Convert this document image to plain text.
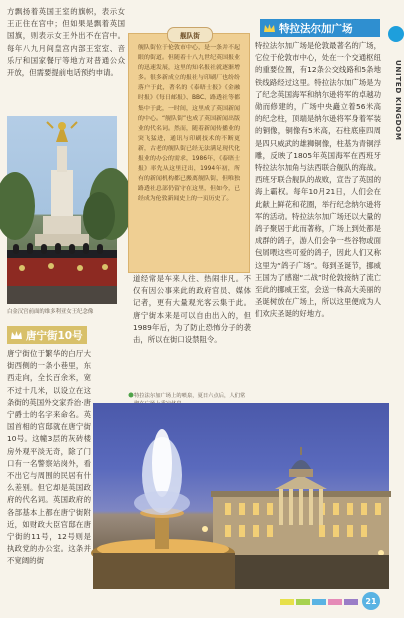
方飘扬着英国王室的旗帜，表示女王正住在宫中；但如果是飘着英国国旗，则表示女王外出不在宫中。每年八九月间皇宫内部王室室、音乐厅和国家餐厅等地方对普通公众开放，但需要提前电话预约申请。
白金汉宫前面的维多利亚女王纪念像
唐宁街10号
唐宁街位于繁华的白厅大街西侧的一条小巷里，东西走向，全长百余米，宽不过十几米，以设立在这条街的英国外交家乔治·唐宁爵士的名字来命名。英国首相的官邸就在唐宁街10号。这幢3层的灰砖楼房外观平淡无奇，除了门口有一名警察站岗外，看不出它与周围的民居有什么差别。但它却是英国政府的代名词。英国政府的各部基本上都在唐宁街附近，如财政大臣官邸在唐宁街的11号，12号则是执政党的办公室。这条并不宽阔的街
舰队街
舰队街位于伦敦市中心，是一条并不起眼的街道。但随着十八九世纪英国报业的迅速发展，这里的知名报社就逐渐增多。很多新成立的报社与印刷厂也纷纷落户于此，著名的《泰晤士报》《金融时报》《每日邮报》、BBC、路透社等都集中于此，一时间，这里成了英国新闻的中心。“舰队街”也成了英国新闻出版业的代名词。然而，随着新闻传播业的突飞猛进，通讯与印刷技术的不断更新，古老的舰队街已经无法满足现代化报业的办公的需求，1986年，《泰晤士报》率先从这里迁出，1994年初，所有的新闻机构都已搬离舰队街，但唯独路透社总部仍留守在这里，但如今，已经成为伦敦新闻史上的一页历史了。
道经常是车来人往、热闹非凡。不仅有因公事来此的政府官员、媒体记者，更有大量观光客云集于此。唐宁街本来是可以自由出入的，但1989年后，为了防止恐怖分子的袭击，所以在街口设禁阻令。
特拉法尔加广场上的喷泉，夏日六点后，人们常
特拉法尔加广场
特拉法尔加广场是伦敦最著名的广场，它位于伦敦市中心，处在一个交通枢纽的重要位置，有12条公交线路和5条地铁线路经过这里。特拉法尔加广场是为了纪念英国海军和纳尔逊将军的卓越功勋而修建的，广场中央矗立着56米高的纪念柱，顶端是纳尔逊将军身着军装的铜像，铜像有5米高，石柱底座四周是四只威武的雄狮铜像，柱基为青铜浮雕，反映了1805年英国海军在西班牙特拉法尔加角与法西联合舰队的海战。西班牙联合舰队的战败，宣告了英国的海上霸权。每年10月21日，人们会在此献上鲜花和花圈，举行纪念纳尔逊将军的活动。特拉法尔加广场还以大量的鸽子聚居于此而著称，广场上到处都是成群的鸽子，游人们会争一些谷物或面包屑喂这些可爱的鸽子，因此人们又称这里为“鸽子广场”。每到圣诞节，挪威王国为了感谢“二战”时伦敦接纳了流亡至此的挪威王室，会送一株高大美丽的圣诞树放在广场上，所以这里便成为人们欢庆圣诞的好地方。
UNITED KINGDOM
21
